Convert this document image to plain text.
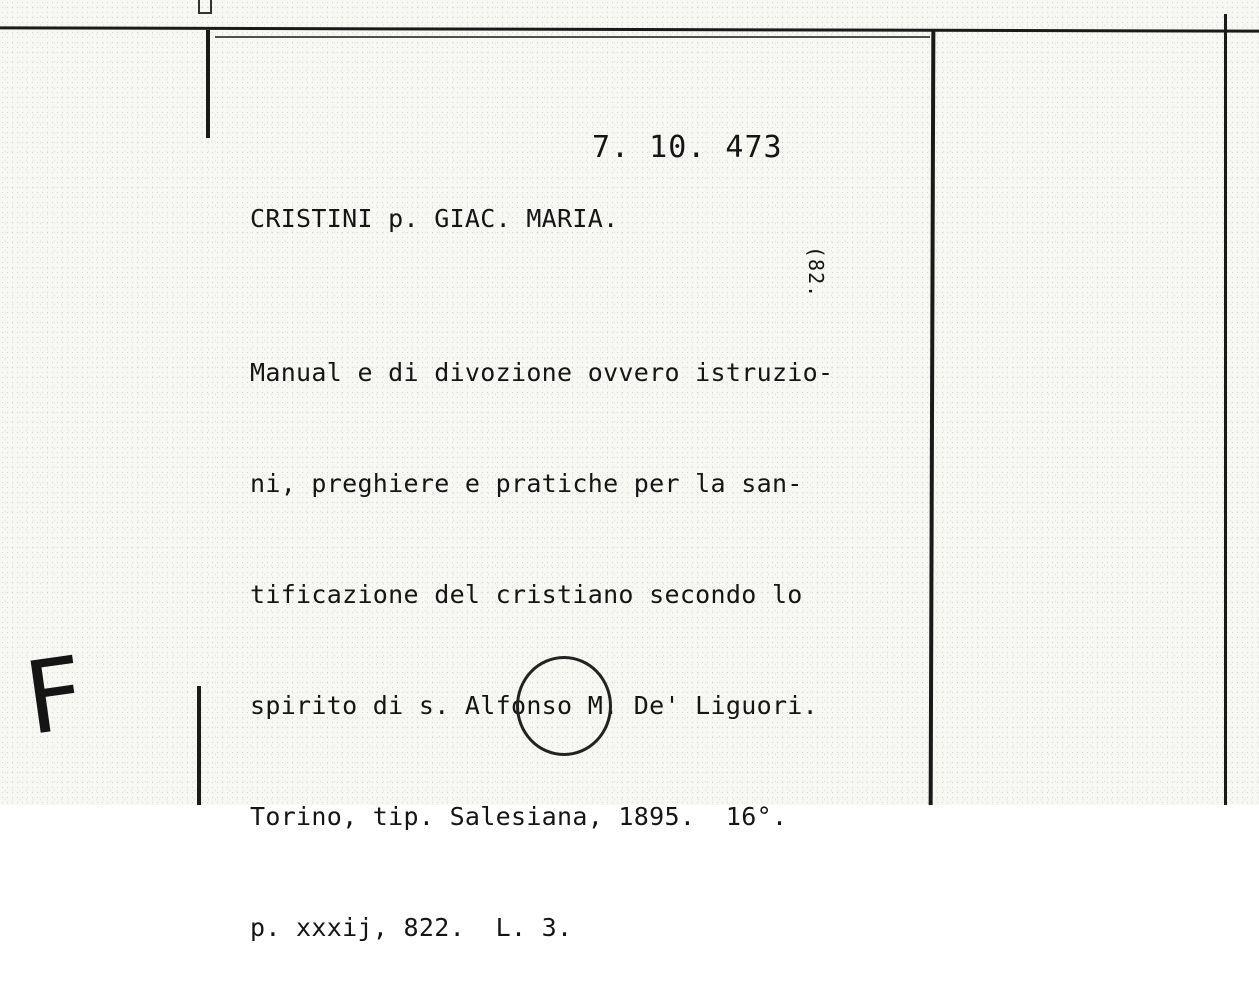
7. 10. 473
CRISTINI p. GIAC. MARIA.
(82.

Manual e di divozione ovvero istruzio-

ni, preghiere e pratiche per la san-

tificazione del cristiano secondo lo

spirito di s. Alfonso M. De' Liguori.

Torino, tip. Salesiana, 1895.  16°.

p. xxxij, 822.  L. 3.

F
